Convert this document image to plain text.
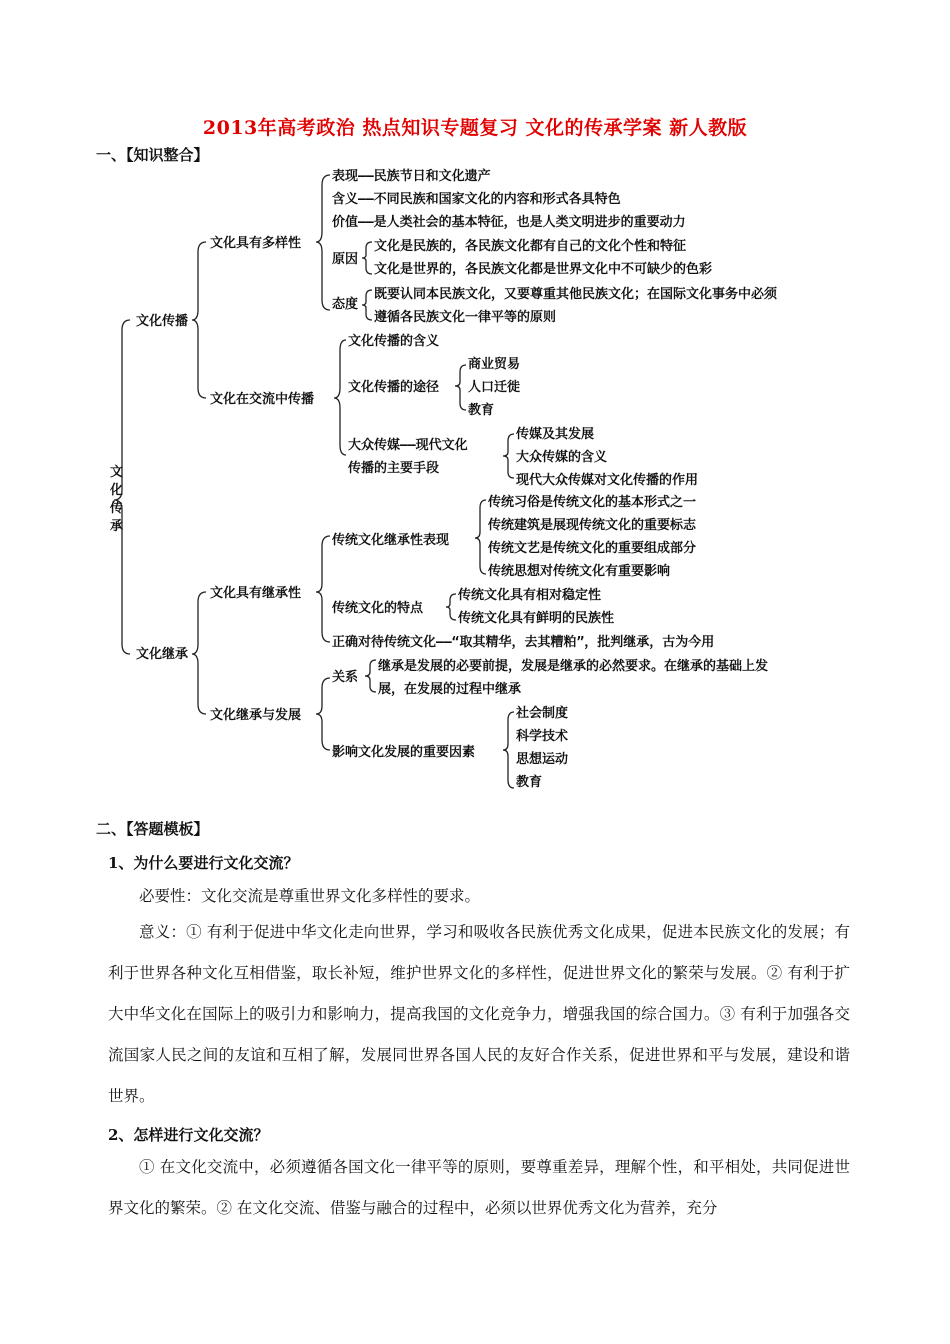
2013年高考政治 热点知识专题复习 文化的传承学案 新人教版
一、【知识整合】
文
化
传
承
文化传播
文化继承
文化具有多样性
文化在交流中传播
表现——民族节日和文化遗产
含义——不同民族和国家文化的内容和形式各具特色
价值——是人类社会的基本特征，也是人类文明进步的重要动力
原因
文化是民族的，各民族文化都有自己的文化个性和特征
文化是世界的，各民族文化都是世界文化中不可缺少的色彩
态度
既要认同本民族文化，又要尊重其他民族文化；在国际文化事务中必须
遵循各民族文化一律平等的原则
文化传播的含义
文化传播的途径
商业贸易
人口迁徙
教育
大众传媒——现代文化
传播的主要手段
传媒及其发展
大众传媒的含义
现代大众传媒对文化传播的作用
文化具有继承性
文化继承与发展
传统文化继承性表现
传统习俗是传统文化的基本形式之一
传统建筑是展现传统文化的重要标志
传统文艺是传统文化的重要组成部分
传统思想对传统文化有重要影响
传统文化的特点
传统文化具有相对稳定性
传统文化具有鲜明的民族性
正确对待传统文化——“取其精华，去其糟粕”，批判继承，古为今用
关系
继承是发展的必要前提，发展是继承的必然要求。在继承的基础上发
展，在发展的过程中继承
影响文化发展的重要因素
社会制度
科学技术
思想运动
教育
二、【答题模板】
1、为什么要进行文化交流？
必要性：文化交流是尊重世界文化多样性的要求。
意义：① 有利于促进中华文化走向世界，学习和吸收各民族优秀文化成果，促进本民族文化的发展；有利于世界各种文化互相借鉴，取长补短，维护世界文化的多样性，促进世界文化的繁荣与发展。② 有利于扩大中华文化在国际上的吸引力和影响力，提高我国的文化竞争力，增强我国的综合国力。③ 有利于加强各交流国家人民之间的友谊和互相了解，发展同世界各国人民的友好合作关系，促进世界和平与发展，建设和谐世界。
2、怎样进行文化交流？
① 在文化交流中，必须遵循各国文化一律平等的原则，要尊重差异，理解个性，和平相处，共同促进世界文化的繁荣。② 在文化交流、借鉴与融合的过程中，必须以世界优秀文化为营养，充分
